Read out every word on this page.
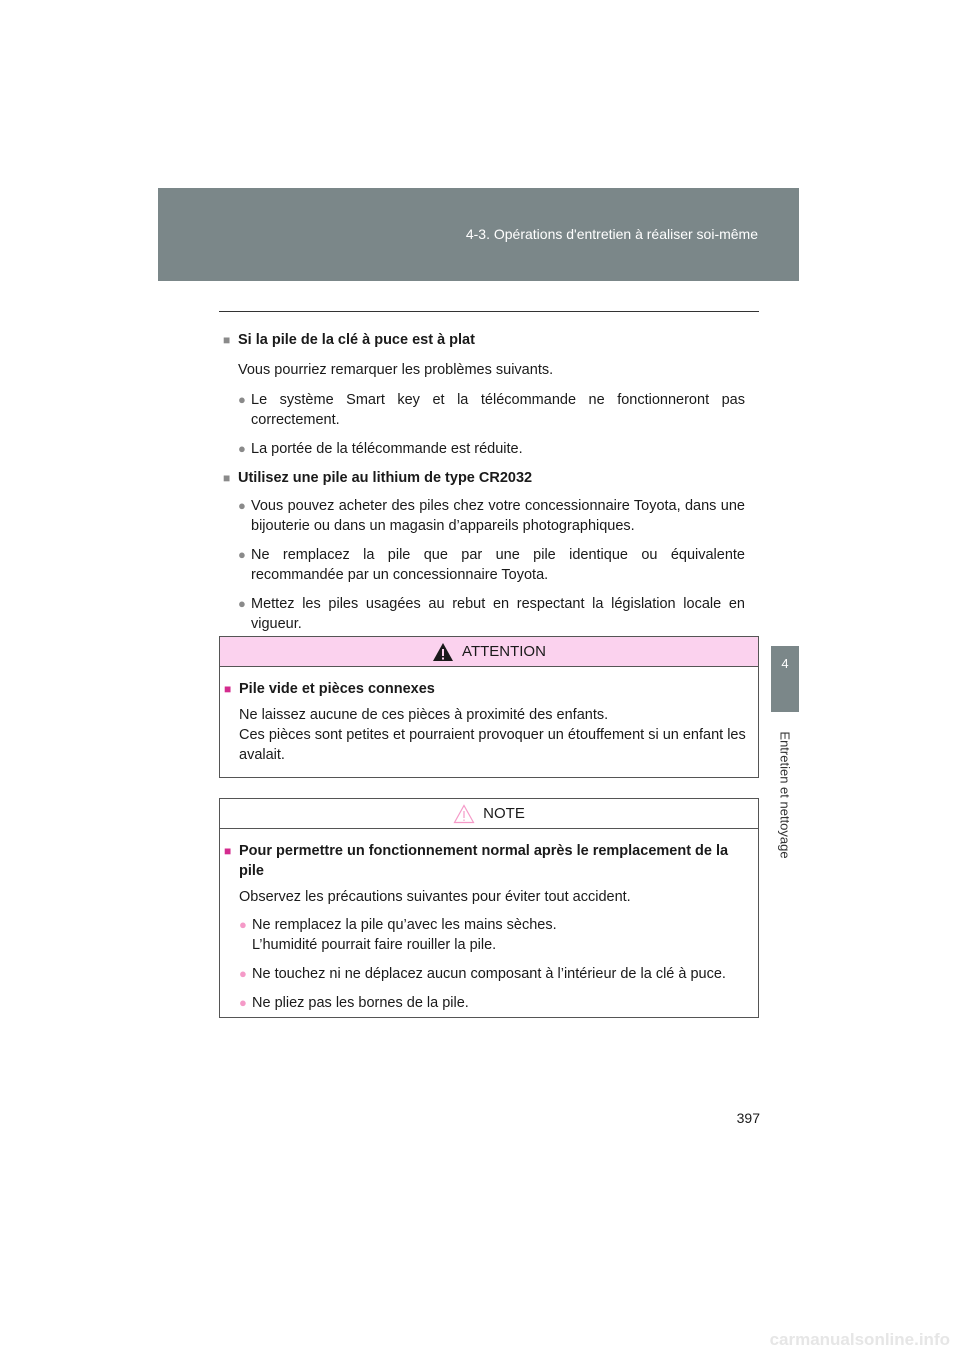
4-3. Opérations d'entretien à réaliser soi-même
4
Entretien et nettoyage
■ Si la pile de la clé à puce est à plat
Vous pourriez remarquer les problèmes suivants.
● Le système Smart key et la télécommande ne fonctionneront pas correctement.
● La portée de la télécommande est réduite.
■ Utilisez une pile au lithium de type CR2032
● Vous pouvez acheter des piles chez votre concessionnaire Toyota, dans une bijouterie ou dans un magasin d’appareils photographiques.
● Ne remplacez la pile que par une pile identique ou équivalente recommandée par un concessionnaire Toyota.
● Mettez les piles usagées au rebut en respectant la législation locale en vigueur.
ATTENTION
■ Pile vide et pièces connexes
Ne laissez aucune de ces pièces à proximité des enfants.
Ces pièces sont petites et pourraient provoquer un étouffement si un enfant les avalait.
NOTE
■ Pour permettre un fonctionnement normal après le remplacement de la pile
Observez les précautions suivantes pour éviter tout accident.
● Ne remplacez la pile qu’avec les mains sèches.
L’humidité pourrait faire rouiller la pile.
● Ne touchez ni ne déplacez aucun composant à l’intérieur de la clé à puce.
● Ne pliez pas les bornes de la pile.
397
carmanualsonline.info
